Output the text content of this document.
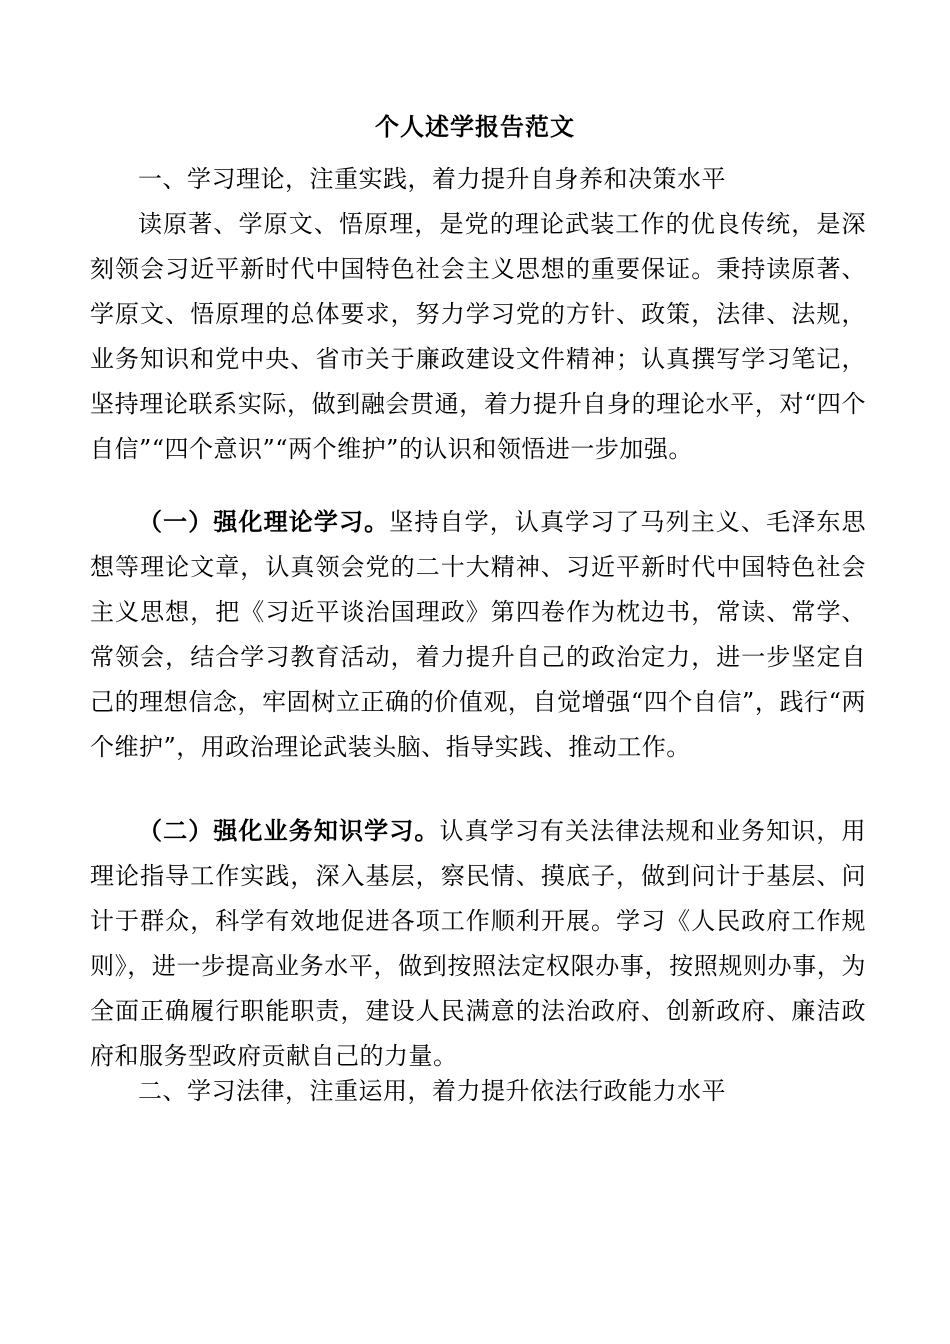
个人述学报告范文

一、学习理论，注重实践，着力提升自身养和决策水平

读原著、学原文、悟原理，是党的理论武装工作的优良传统，是深刻领会习近平新时代中国特色社会主义思想的重要保证。秉持读原著、学原文、悟原理的总体要求，努力学习党的方针、政策，法律、法规，业务知识和党中央、省市关于廉政建设文件精神；认真撰写学习笔记，坚持理论联系实际，做到融会贯通，着力提升自身的理论水平，对“四个自信”“四个意识”“两个维护”的认识和领悟进一步加强。

（一）强化理论学习。坚持自学，认真学习了马列主义、毛泽东思想等理论文章，认真领会党的二十大精神、习近平新时代中国特色社会主义思想，把《习近平谈治国理政》第四卷作为枕边书，常读、常学、常领会，结合学习教育活动，着力提升自己的政治定力，进一步坚定自己的理想信念，牢固树立正确的价值观，自觉增强“四个自信”，践行“两个维护”，用政治理论武装头脑、指导实践、推动工作。

（二）强化业务知识学习。认真学习有关法律法规和业务知识，用理论指导工作实践，深入基层，察民情、摸底子，做到问计于基层、问计于群众，科学有效地促进各项工作顺利开展。学习《人民政府工作规则》，进一步提高业务水平，做到按照法定权限办事，按照规则办事，为全面正确履行职能职责，建设人民满意的法治政府、创新政府、廉洁政府和服务型政府贡献自己的力量。

二、学习法律，注重运用，着力提升依法行政能力水平
